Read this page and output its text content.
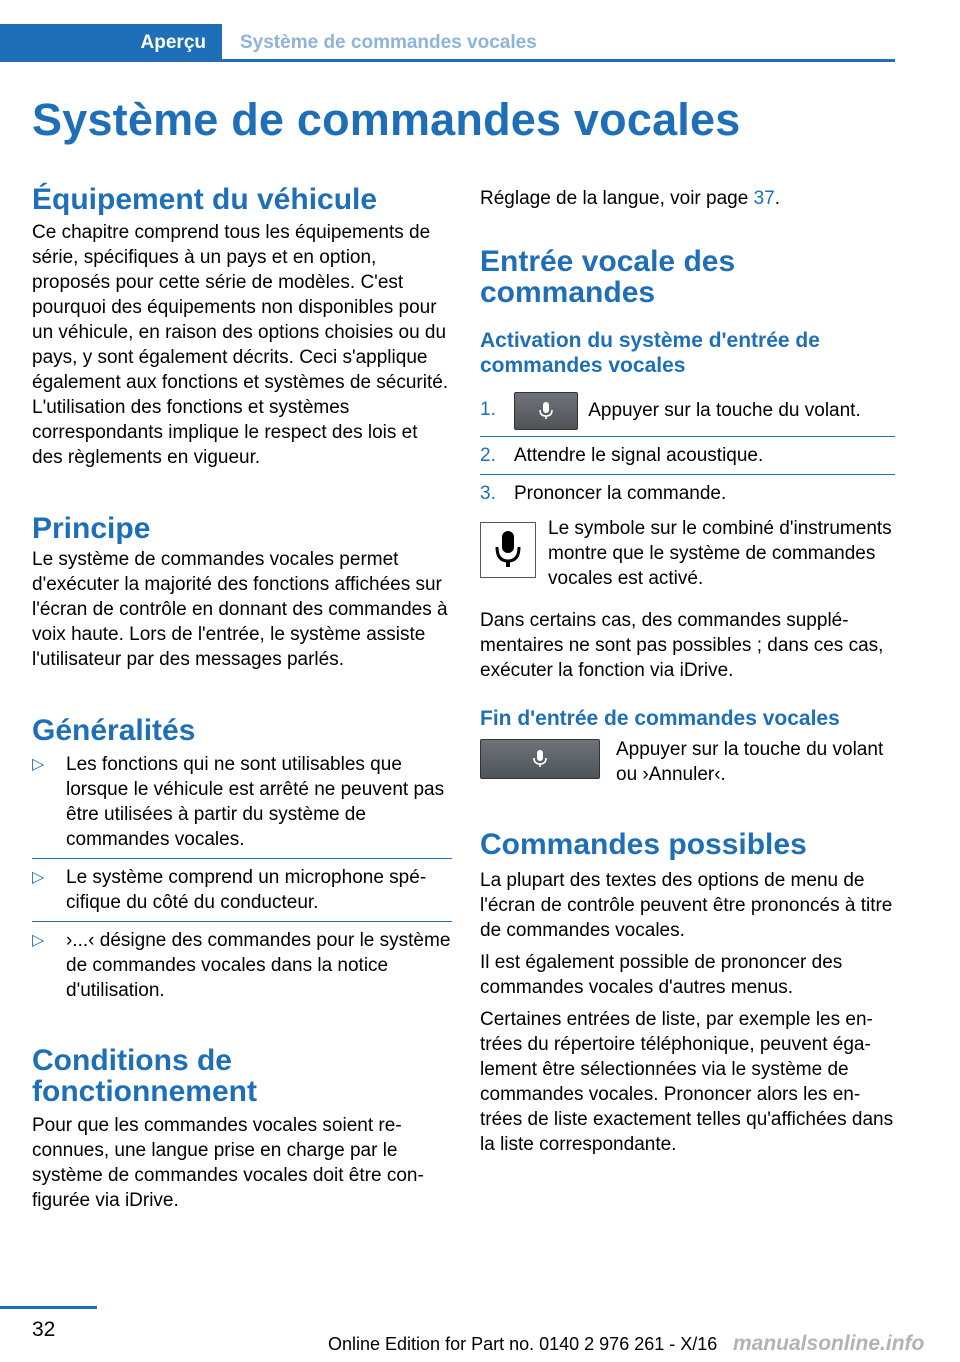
Aperçu Système de commandes vocales
Système de commandes vocales
Équipement du véhicule

Ce chapitre comprend tous les équipements de série, spécifiques à un pays et en option, proposés pour cette série de modèles. C'est pourquoi des équipements non disponibles pour un véhicule, en raison des options choisies ou du pays, y sont également décrits. Ceci s'applique également aux fonctions et systèmes de sécurité. L'utilisation des fonctions et systèmes correspondants implique le respect des lois et des règlements en vigueur.

Principe

Le système de commandes vocales permet d'exécuter la majorité des fonctions affichées sur l'écran de contrôle en donnant des commandes à voix haute. Lors de l'entrée, le système assiste l'utilisateur par des messages parlés.

Généralités
▷ Les fonctions qui ne sont utilisables que lorsque le véhicule est arrêté ne peuvent pas être utilisées à partir du système de commandes vocales.
▷ Le système comprend un microphone spécifique du côté du conducteur.
▷ ›...‹ désigne des commandes pour le système de commandes vocales dans la notice d'utilisation.
Conditions de fonctionnement

Pour que les commandes vocales soient reconnues, une langue prise en charge par le système de commandes vocales doit être configurée via iDrive.

Réglage de la langue, voir page 37.

Entrée vocale des commandes
Activation du système d'entrée de commandes vocales
1.	Appuyer sur la touche du volant.
2. Attendre le signal acoustique.
3. Prononcer la commande.

Le symbole sur le combiné d'instruments montre que le système de commandes vocales est activé.

Dans certains cas, des commandes supplémentaires ne sont pas possibles ; dans ces cas, exécuter la fonction via iDrive.

Fin d'entrée de commandes vocales

Appuyer sur la touche du volant ou ›Annuler‹.

Commandes possibles

La plupart des textes des options de menu de l'écran de contrôle peuvent être prononcés à titre de commandes vocales.

Il est également possible de prononcer des commandes vocales d'autres menus.

Certaines entrées de liste, par exemple les entrées du répertoire téléphonique, peuvent également être sélectionnées via le système de commandes vocales. Prononcer alors les entrées de liste exactement telles qu'affichées dans la liste correspondante.

32
Online Edition for Part no. 0140 2 976 261 - X/16 manualsonline.info
